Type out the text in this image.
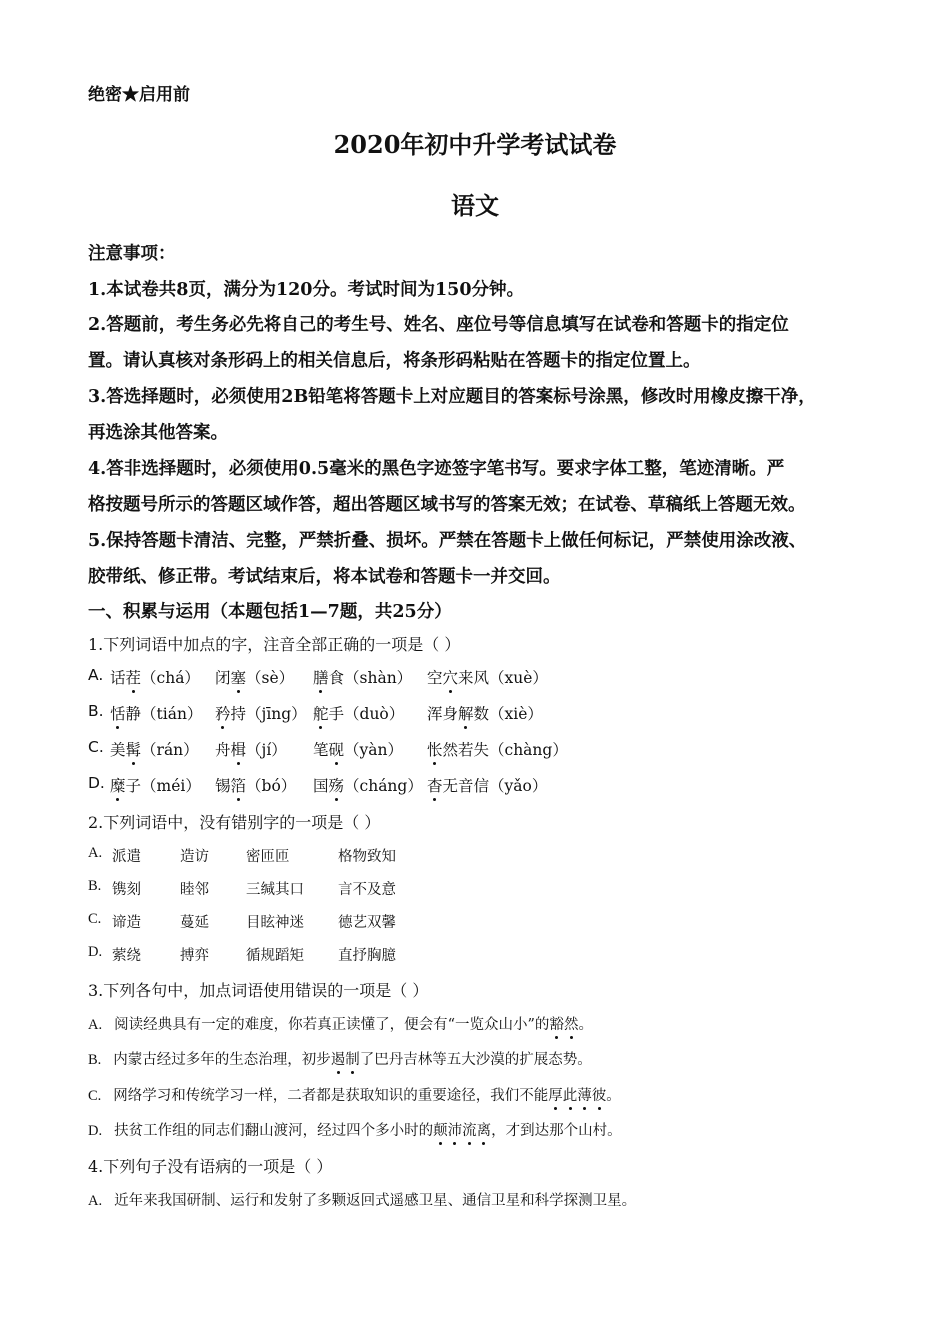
绝密★启用前
2020年初中升学考试试卷
语文
注意事项：
1.本试卷共8页，满分为120分。考试时间为150分钟。
2.答题前，考生务必先将自己的考生号、姓名、座位号等信息填写在试卷和答题卡的指定位
置。请认真核对条形码上的相关信息后，将条形码粘贴在答题卡的指定位置上。
3.答选择题时，必须使用2B铅笔将答题卡上对应题目的答案标号涂黑，修改时用橡皮擦干净，
再选涂其他答案。
4.答非选择题时，必须使用0.5毫米的黑色字迹签字笔书写。要求字体工整，笔迹清晰。严
格按题号所示的答题区域作答，超出答题区域书写的答案无效；在试卷、草稿纸上答题无效。
5.保持答题卡清洁、完整，严禁折叠、损坏。严禁在答题卡上做任何标记，严禁使用涂改液、
胶带纸、修正带。考试结束后，将本试卷和答题卡一并交回。
一、积累与运用（本题包括1—7题，共25分）
1.下列词语中加点的字，注音全部正确的一项是（ ）
A. 话茬（chá） 闭塞（sè） 膳食（shàn） 空穴来风（xuè）
B. 恬静（tián） 矜持（jīng） 舵手（duò） 浑身解数（xiè）
C. 美髯（rán） 舟楫（jí） 笔砚（yàn） 怅然若失（chàng）
D. 糜子（méi） 锡箔（bó） 国殇（cháng） 杳无音信（yǎo）
2.下列词语中，没有错别字的一项是（ ）
A. 派遣	造访	密匝匝	格物致知
B. 镌刻	睦邻	三缄其口 言不及意
C. 谛造	蔓延	目眩神迷 德艺双馨
D. 萦绕	搏弈	循规蹈矩 直抒胸臆
3.下列各句中，加点词语使用错误的一项是（ ）
A. 阅读经典具有一定的难度，你若真正读懂了，便会有“一览众山小”的豁然。
B. 内蒙古经过多年的生态治理，初步遏制了巴丹吉林等五大沙漠的扩展态势。
C. 网络学习和传统学习一样，二者都是获取知识的重要途径，我们不能厚此薄彼。
D. 扶贫工作组的同志们翻山渡河，经过四个多小时的颠沛流离，才到达那个山村。
4.下列句子没有语病的一项是（ ）
A. 近年来我国研制、运行和发射了多颗返回式遥感卫星、通信卫星和科学探测卫星。
